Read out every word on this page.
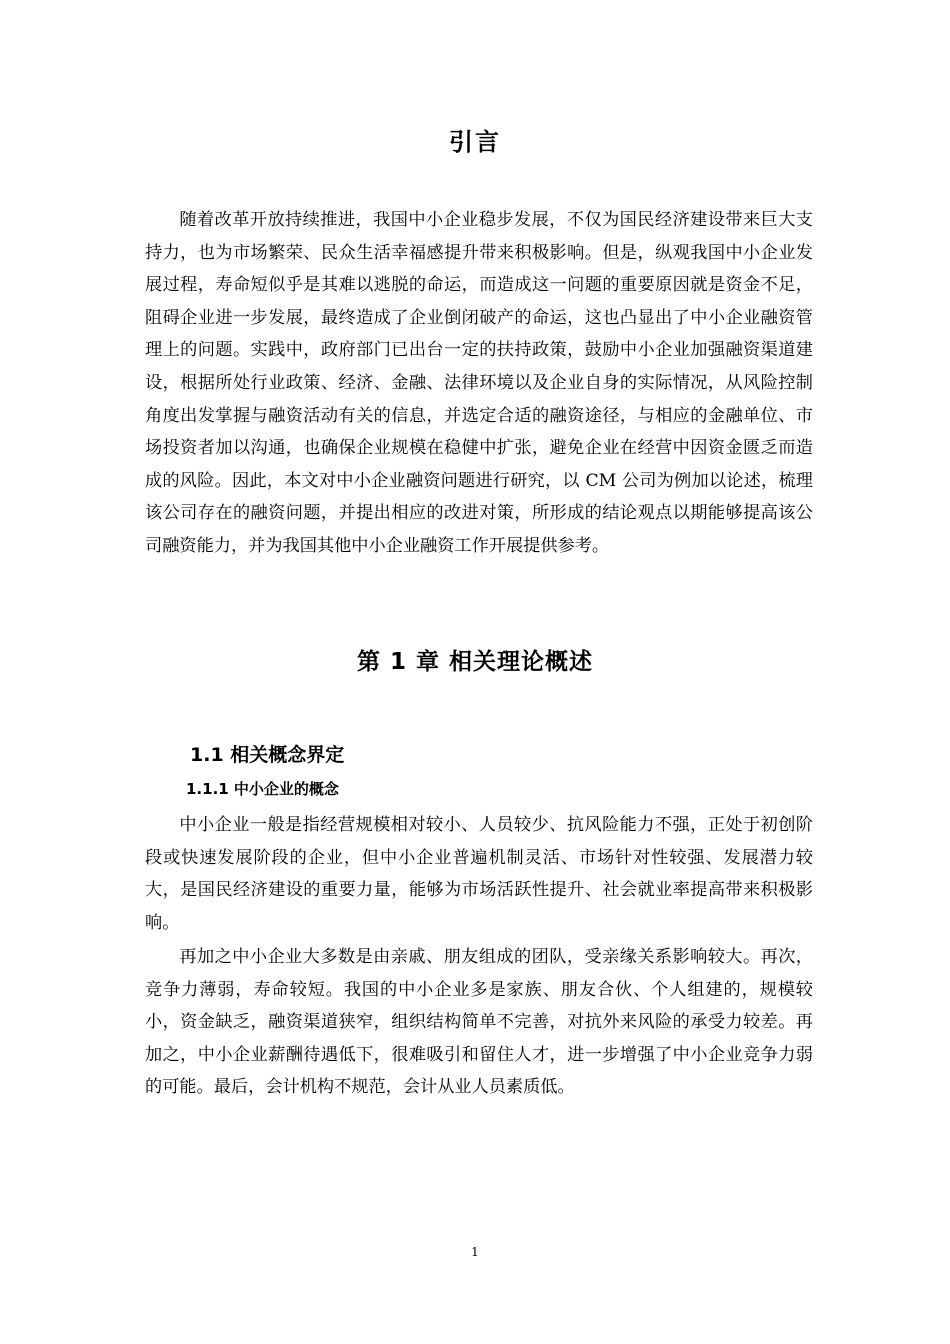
引言

随着改革开放持续推进，我国中小企业稳步发展，不仅为国民经济建设带来巨大支持力，也为市场繁荣、民众生活幸福感提升带来积极影响。但是，纵观我国中小企业发展过程，寿命短似乎是其难以逃脱的命运，而造成这一问题的重要原因就是资金不足，阻碍企业进一步发展，最终造成了企业倒闭破产的命运，这也凸显出了中小企业融资管理上的问题。实践中，政府部门已出台一定的扶持政策，鼓励中小企业加强融资渠道建设，根据所处行业政策、经济、金融、法律环境以及企业自身的实际情况，从风险控制角度出发掌握与融资活动有关的信息，并选定合适的融资途径，与相应的金融单位、市场投资者加以沟通，也确保企业规模在稳健中扩张，避免企业在经营中因资金匮乏而造成的风险。因此，本文对中小企业融资问题进行研究，以 CM 公司为例加以论述，梳理该公司存在的融资问题，并提出相应的改进对策，所形成的结论观点以期能够提高该公司融资能力，并为我国其他中小企业融资工作开展提供参考。

第 1 章 相关理论概述
1.1 相关概念界定
1.1.1 中小企业的概念

中小企业一般是指经营规模相对较小、人员较少、抗风险能力不强，正处于初创阶段或快速发展阶段的企业，但中小企业普遍机制灵活、市场针对性较强、发展潜力较大，是国民经济建设的重要力量，能够为市场活跃性提升、社会就业率提高带来积极影响。

再加之中小企业大多数是由亲戚、朋友组成的团队，受亲缘关系影响较大。再次，竞争力薄弱，寿命较短。我国的中小企业多是家族、朋友合伙、个人组建的，规模较小，资金缺乏，融资渠道狭窄，组织结构简单不完善，对抗外来风险的承受力较差。再加之，中小企业薪酬待遇低下，很难吸引和留住人才，进一步增强了中小企业竞争力弱的可能。最后，会计机构不规范，会计从业人员素质低。

1
